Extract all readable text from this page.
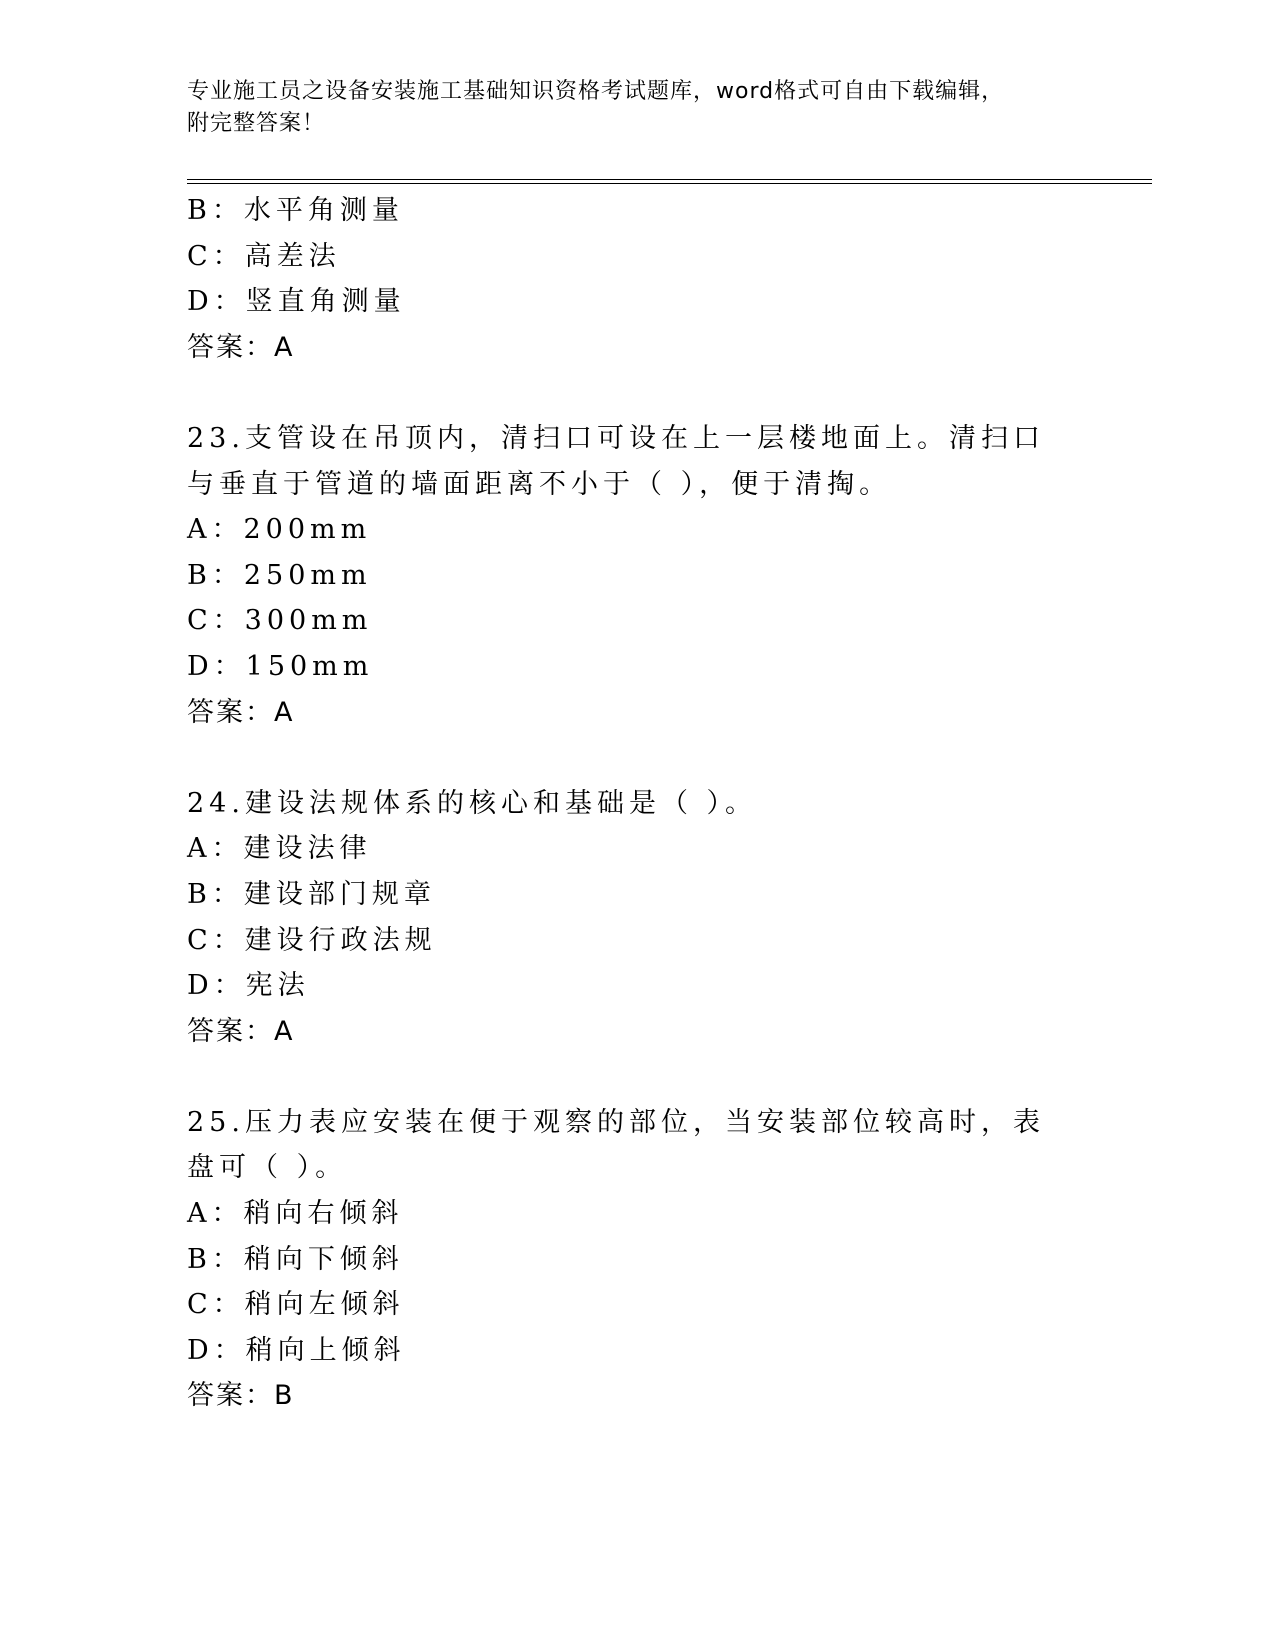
专业施工员之设备安装施工基础知识资格考试题库，word格式可自由下载编辑，
附完整答案！
B：水平角测量
C：高差法
D：竖直角测量
答案：A
23.支管设在吊顶内，清扫口可设在上一层楼地面上。清扫口与垂直于管道的墙面距离不小于（ ），便于清掏。
A：200mm
B：250mm
C：300mm
D：150mm
答案：A
24.建设法规体系的核心和基础是（ ）。
A：建设法律
B：建设部门规章
C：建设行政法规
D：宪法
答案：A
25.压力表应安装在便于观察的部位，当安装部位较高时，表盘可（ ）。
A：稍向右倾斜
B：稍向下倾斜
C：稍向左倾斜
D：稍向上倾斜
答案：B
